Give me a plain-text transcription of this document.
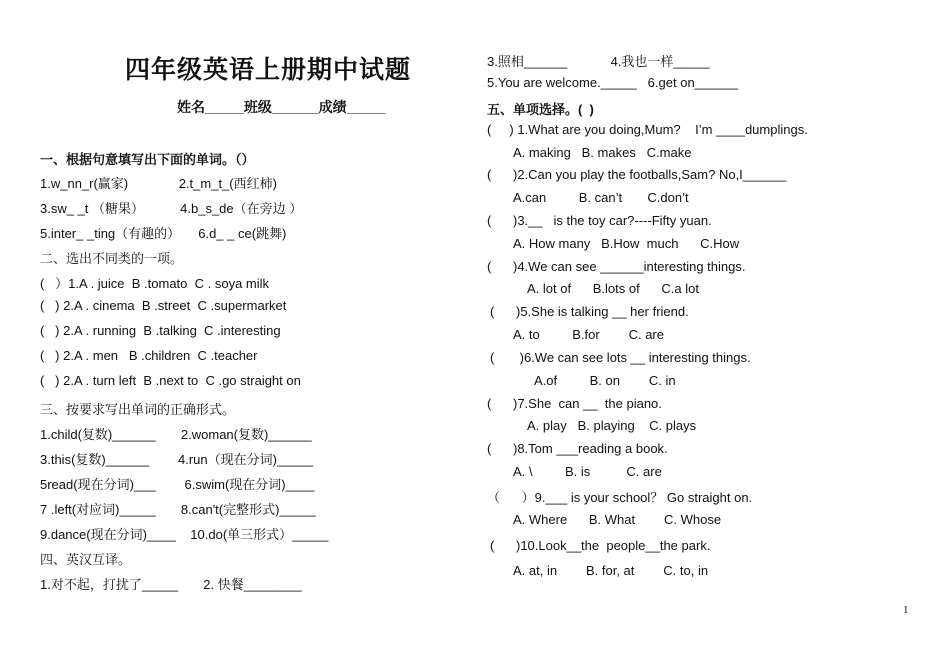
四年级英语上册期中试题
姓名_____班级______成绩_____
一、根据句意填写出下面的单词。（）
1.w_nn_r(赢家)              2.t_m_t_(西红柿)
3.sw_ _t （糖果）          4.b_s_de（在旁边 ）
5.inter_ _ting（有趣的）     6.d_ _ ce(跳舞)
二、选出不同类的一项。
(   ）1.A . juice  B .tomato  C . soya milk
(   ) 2.A . cinema  B .street  C .supermarket
(   ) 2.A . running  B .talking  C .interesting
(   ) 2.A . men   B .children  C .teacher
(   ) 2.A . turn left  B .next to  C .go straight on
三、按要求写出单词的正确形式。
1.child(复数)______       2.woman(复数)______
3.this(复数)______        4.run（现在分词)_____
5read(现在分词)___        6.swim(现在分词)____
7 .left(对应词)_____       8.can't(完整形式)_____
9.dance(现在分词)____    10.do(单三形式）_____
四、英汉互译。
1.对不起，打扰了_____       2. 快餐________
3.照相______            4.我也一样_____
5.You are welcome._____   6.get on______
五、单项选择。(  )
(     ) 1.What are you doing,Mum?    I’m ____dumplings.
A. making   B. makes   C.make
(      )2.Can you play the footballs,Sam? No,I______
A.can         B. can’t       C.don’t
(      )3.__   is the toy car?----Fifty yuan.
A. How many   B.How  much      C.How
(      )4.We can see ______interesting things.
A. lot of      B.lots of      C.a lot
(      )5.She is talking __ her friend.
A. to         B.for        C. are
(       )6.We can see lots __ interesting things.
A.of         B. on        C. in
(      )7.She  can __  the piano.
A. play   B. playing    C. plays
(      )8.Tom ___reading a book.
A. \         B. is          C. are
（      ）9.___ is your school？ Go straight on.
A. Where      B. What        C. Whose
(      )10.Look__the  people__the park.
A. at, in        B. for, at        C. to, in
1
